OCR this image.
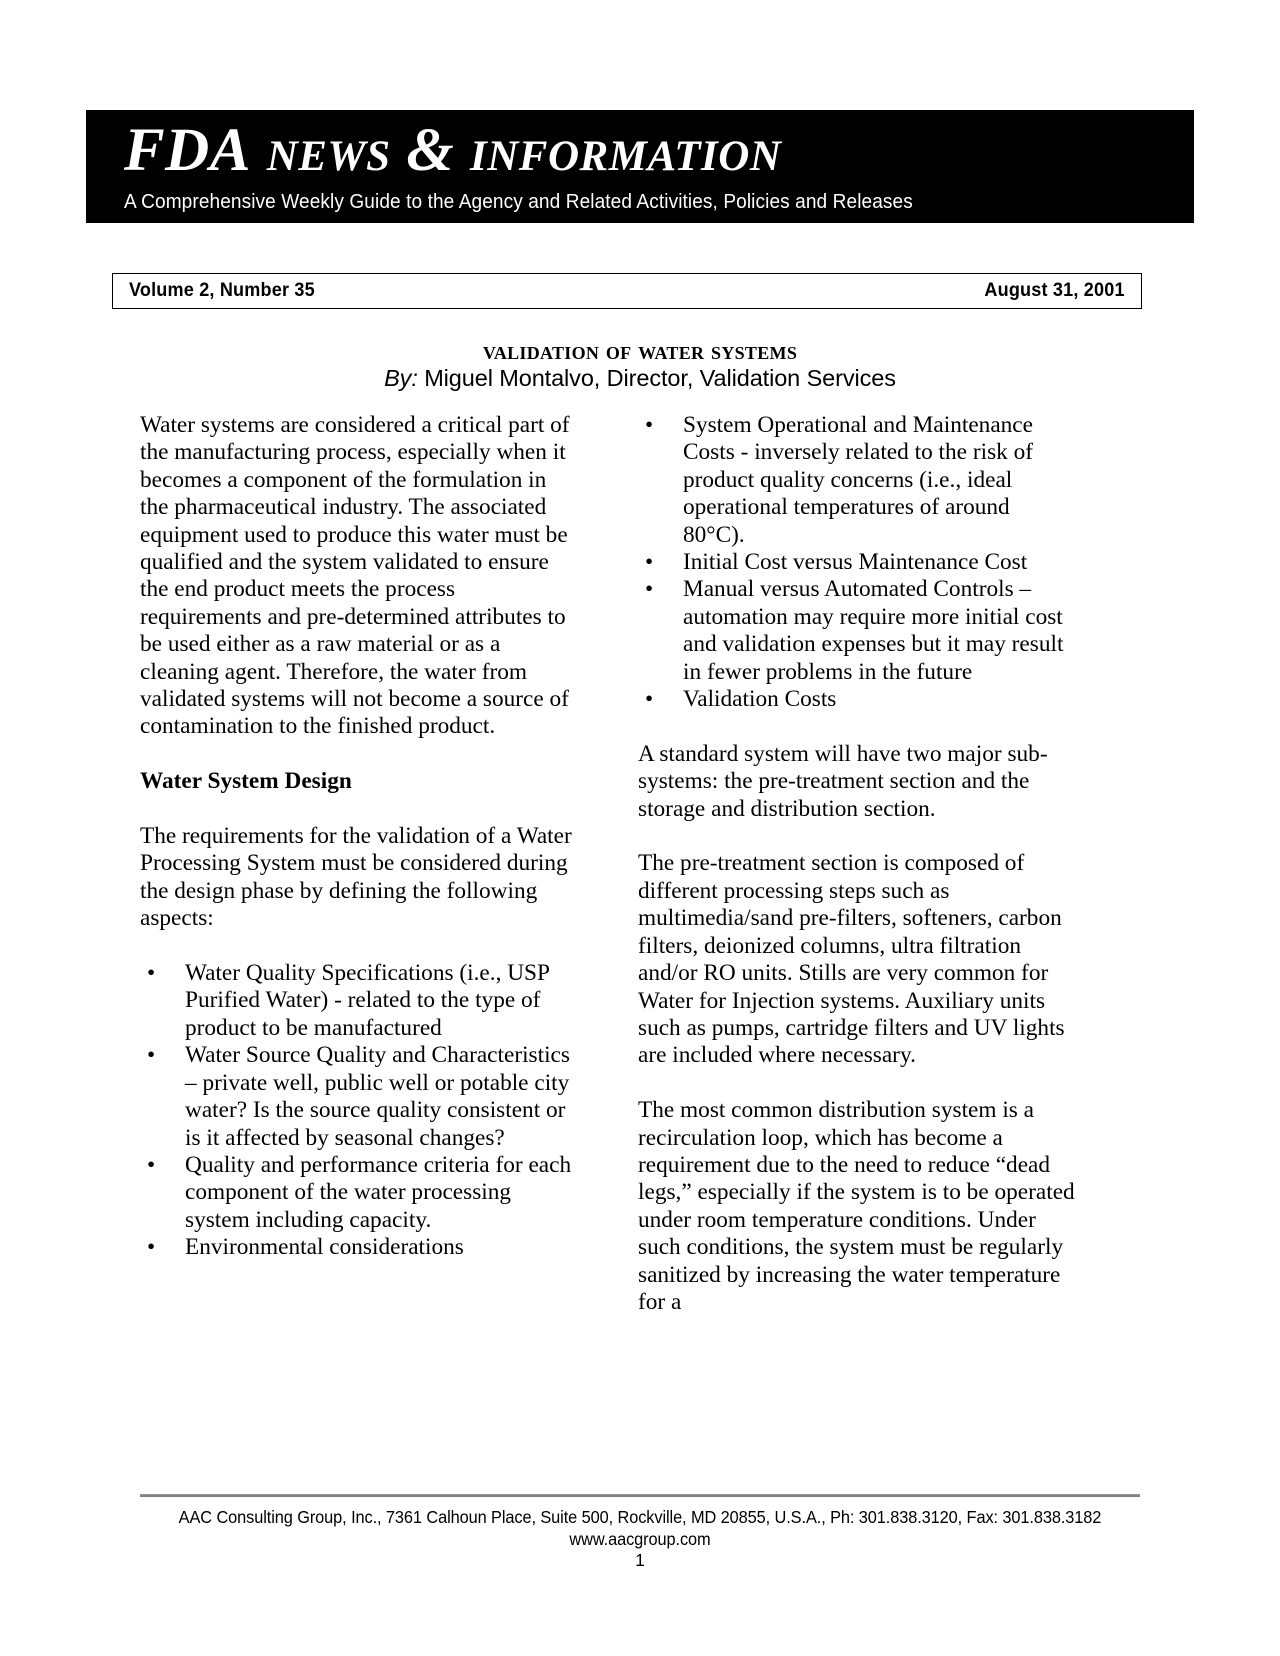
FDA news & information
A Comprehensive Weekly Guide to the Agency and Related Activities, Policies and Releases
Volume 2, Number 35	August 31, 2001
validation of water systems
By: Miguel Montalvo, Director, Validation Services

Water systems are considered a critical part of the manufacturing process, especially when it becomes a component of the formulation in the pharmaceutical industry. The associated equipment used to produce this water must be qualified and the system validated to ensure the end product meets the process requirements and pre-determined attributes to be used either as a raw material or as a cleaning agent. Therefore, the water from validated systems will not become a source of contamination to the finished product.

Water System Design

The requirements for the validation of a Water Processing System must be considered during the design phase by defining the following aspects:

• Water Quality Specifications (i.e., USP Purified Water) - related to the type of product to be manufactured
• Water Source Quality and Characteristics – private well, public well or potable city water? Is the source quality consistent or is it affected by seasonal changes?
• Quality and performance criteria for each component of the water processing system including capacity.
• Environmental considerations
• System Operational and Maintenance Costs - inversely related to the risk of product quality concerns (i.e., ideal operational temperatures of around 80°C).
• Initial Cost versus Maintenance Cost
• Manual versus Automated Controls – automation may require more initial cost and validation expenses but it may result in fewer problems in the future
• Validation Costs

A standard system will have two major sub-systems: the pre-treatment section and the storage and distribution section.

The pre-treatment section is composed of different processing steps such as multimedia/sand pre-filters, softeners, carbon filters, deionized columns, ultra filtration and/or RO units. Stills are very common for Water for Injection systems. Auxiliary units such as pumps, cartridge filters and UV lights are included where necessary.

The most common distribution system is a recirculation loop, which has become a requirement due to the need to reduce “dead legs,” especially if the system is to be operated under room temperature conditions. Under such conditions, the system must be regularly sanitized by increasing the water temperature for a

AAC Consulting Group, Inc., 7361 Calhoun Place, Suite 500, Rockville, MD 20855, U.S.A., Ph: 301.838.3120, Fax: 301.838.3182
www.aacgroup.com
1
